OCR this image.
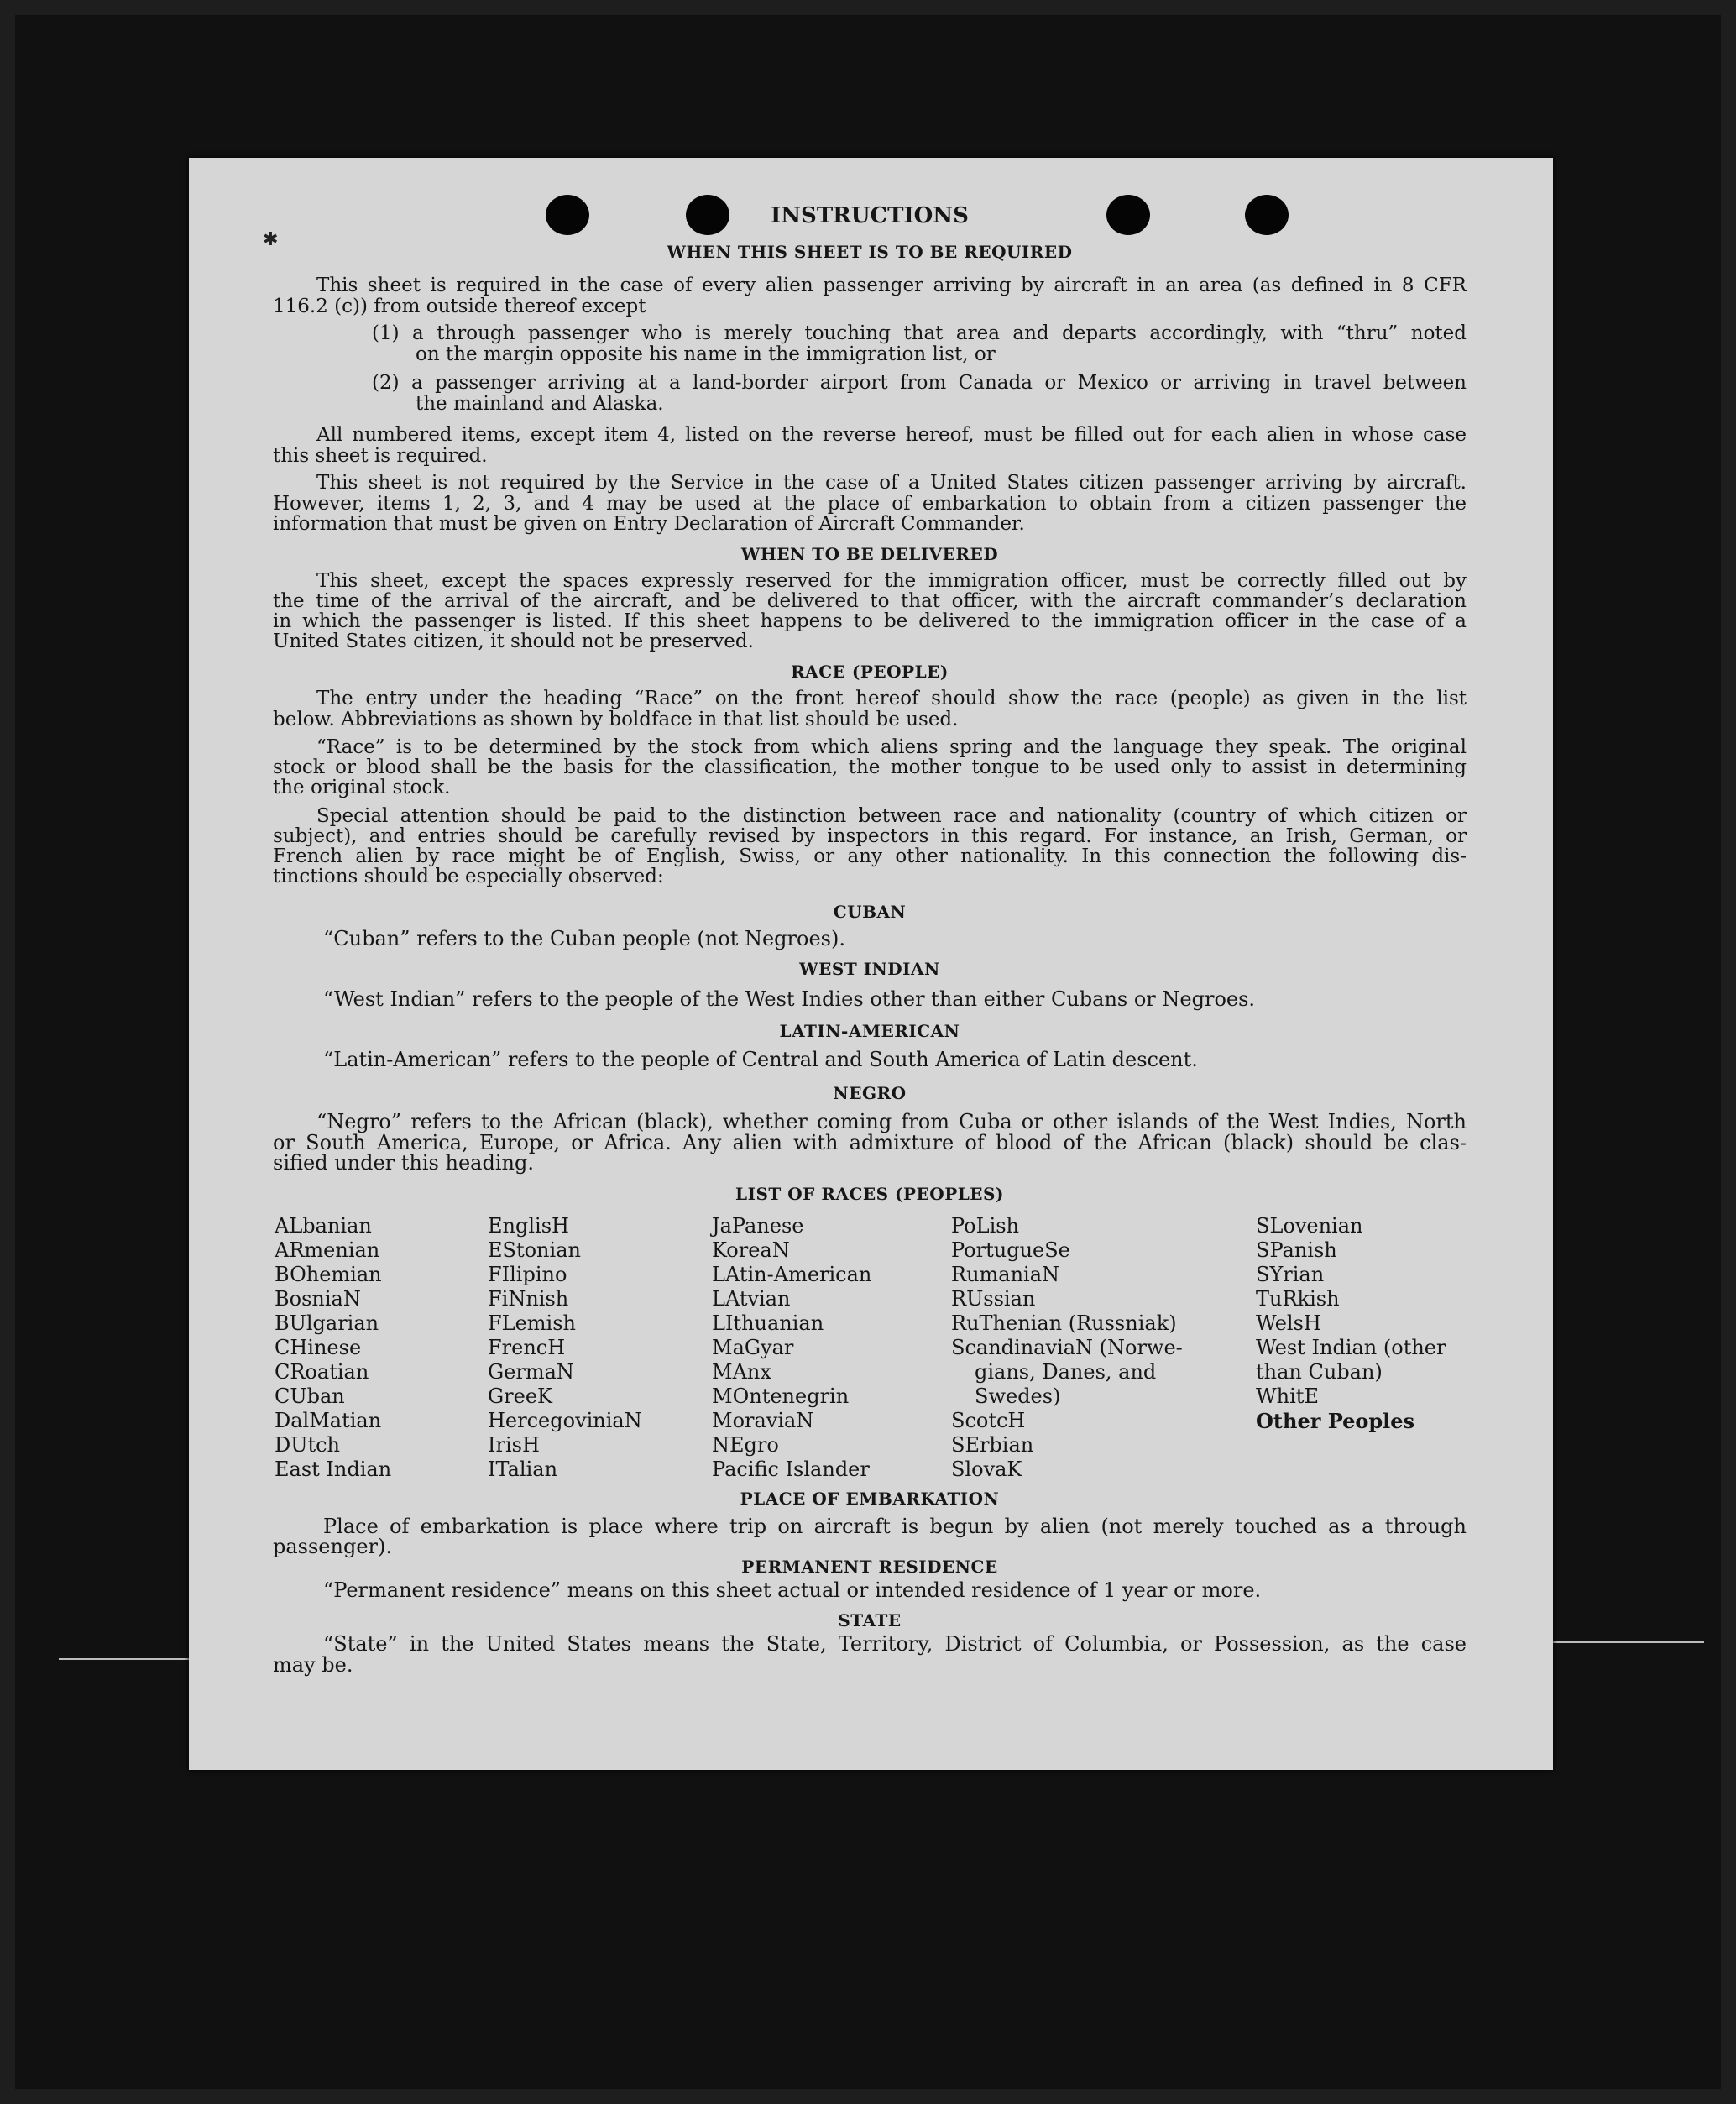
✱
INSTRUCTIONS
WHEN THIS SHEET IS TO BE REQUIRED
This sheet is required in the case of every alien passenger arriving by aircraft in an area (as defined in 8 CFR
116.2 (c)) from outside thereof except
(1) a through passenger who is merely touching that area and departs accordingly, with “thru” noted
on the margin opposite his name in the immigration list, or
(2) a passenger arriving at a land-border airport from Canada or Mexico or arriving in travel between
the mainland and Alaska.
All numbered items, except item 4, listed on the reverse hereof, must be filled out for each alien in whose case
this sheet is required.
This sheet is not required by the Service in the case of a United States citizen passenger arriving by aircraft.
However, items 1, 2, 3, and 4 may be used at the place of embarkation to obtain from a citizen passenger the
information that must be given on Entry Declaration of Aircraft Commander.
WHEN TO BE DELIVERED
This sheet, except the spaces expressly reserved for the immigration officer, must be correctly filled out by
the time of the arrival of the aircraft, and be delivered to that officer, with the aircraft commander’s declaration
in which the passenger is listed. If this sheet happens to be delivered to the immigration officer in the case of a
United States citizen, it should not be preserved.
RACE (PEOPLE)
The entry under the heading “Race” on the front hereof should show the race (people) as given in the list
below. Abbreviations as shown by boldface in that list should be used.
“Race” is to be determined by the stock from which aliens spring and the language they speak. The original
stock or blood shall be the basis for the classification, the mother tongue to be used only to assist in determining
the original stock.
Special attention should be paid to the distinction between race and nationality (country of which citizen or
subject), and entries should be carefully revised by inspectors in this regard. For instance, an Irish, German, or
French alien by race might be of English, Swiss, or any other nationality. In this connection the following dis-
tinctions should be especially observed:
CUBAN
“Cuban” refers to the Cuban people (not Negroes).
WEST INDIAN
“West Indian” refers to the people of the West Indies other than either Cubans or Negroes.
LATIN-AMERICAN
“Latin-American” refers to the people of Central and South America of Latin descent.
NEGRO
“Negro” refers to the African (black), whether coming from Cuba or other islands of the West Indies, North
or South America, Europe, or Africa. Any alien with admixture of blood of the African (black) should be clas-
sified under this heading.
LIST OF RACES (PEOPLES)
ALbanian
ARmenian
BOhemian
BosniaN
BUlgarian
CHinese
CRoatian
CUban
DalMatian
DUtch
East Indian
EnglisH
EStonian
FIlipino
FiNnish
FLemish
FrencH
GermaN
GreeK
HercegoviniaN
IrisH
ITalian
JaPanese
KoreaN
LAtin-American
LAtvian
LIthuanian
MaGyar
MAnx
MOntenegrin
MoraviaN
NEgro
Pacific Islander
PoLish
PortugueSe
RumaniaN
RUssian
RuThenian (Russniak)
ScandinaviaN (Norwe-
gians, Danes, and
Swedes)
ScotcH
SErbian
SlovaK
SLovenian
SPanish
SYrian
TuRkish
WelsH
West Indian (other
than Cuban)
WhitE
Other Peoples
PLACE OF EMBARKATION
Place of embarkation is place where trip on aircraft is begun by alien (not merely touched as a through
passenger).
PERMANENT RESIDENCE
“Permanent residence” means on this sheet actual or intended residence of 1 year or more.
STATE
“State” in the United States means the State, Territory, District of Columbia, or Possession, as the case
may be.
